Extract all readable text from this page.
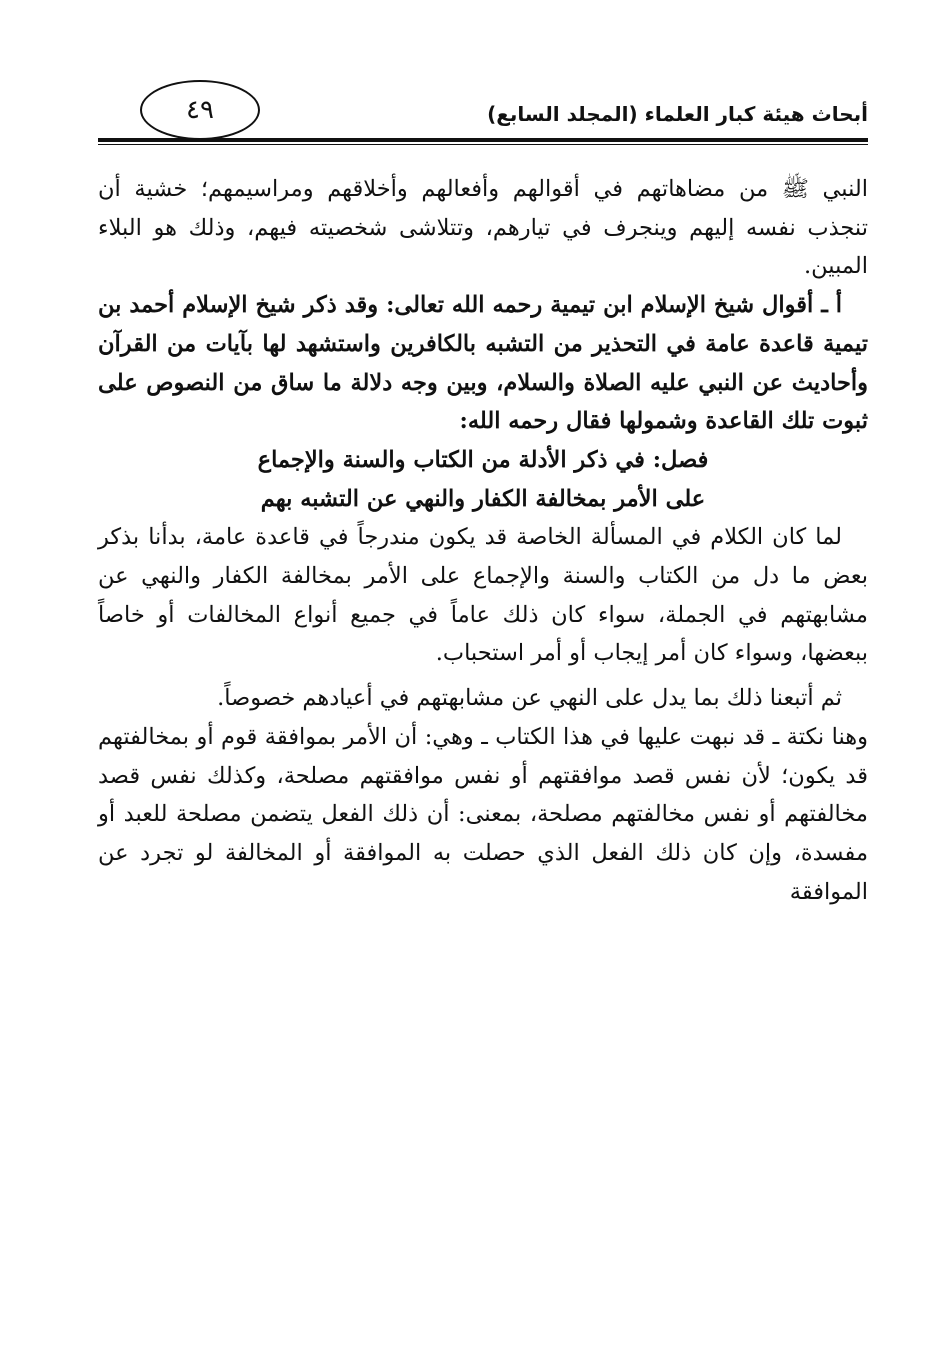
٤٩	أبحاث هيئة كبار العلماء (المجلد السابع)

النبي ﷺ من مضاهاتهم في أقوالهم وأفعالهم وأخلاقهم ومراسيمهم؛ خشية أن تنجذب نفسه إليهم وينجرف في تيارهم، وتتلاشى شخصيته فيهم، وذلك هو البلاء المبين.

أ ـ أقوال شيخ الإسلام ابن تيمية رحمه الله تعالى: وقد ذكر شيخ الإسلام أحمد بن تيمية قاعدة عامة في التحذير من التشبه بالكافرين واستشهد لها بآيات من القرآن وأحاديث عن النبي عليه الصلاة والسلام، وبين وجه دلالة ما ساق من النصوص على ثبوت تلك القاعدة وشمولها فقال رحمه الله:

فصل: في ذكر الأدلة من الكتاب والسنة والإجماع

على الأمر بمخالفة الكفار والنهي عن التشبه بهم

لما كان الكلام في المسألة الخاصة قد يكون مندرجاً في قاعدة عامة، بدأنا بذكر بعض ما دل من الكتاب والسنة والإجماع على الأمر بمخالفة الكفار والنهي عن مشابهتهم في الجملة، سواء كان ذلك عاماً في جميع أنواع المخالفات أو خاصاً ببعضها، وسواء كان أمر إيجاب أو أمر استحباب.

ثم أتبعنا ذلك بما يدل على النهي عن مشابهتهم في أعيادهم خصوصاً.

وهنا نكتة ـ قد نبهت عليها في هذا الكتاب ـ وهي: أن الأمر بموافقة قوم أو بمخالفتهم قد يكون؛ لأن نفس قصد موافقتهم أو نفس موافقتهم مصلحة، وكذلك نفس قصد مخالفتهم أو نفس مخالفتهم مصلحة، بمعنى: أن ذلك الفعل يتضمن مصلحة للعبد أو مفسدة، وإن كان ذلك الفعل الذي حصلت به الموافقة أو المخالفة لو تجرد عن الموافقة
